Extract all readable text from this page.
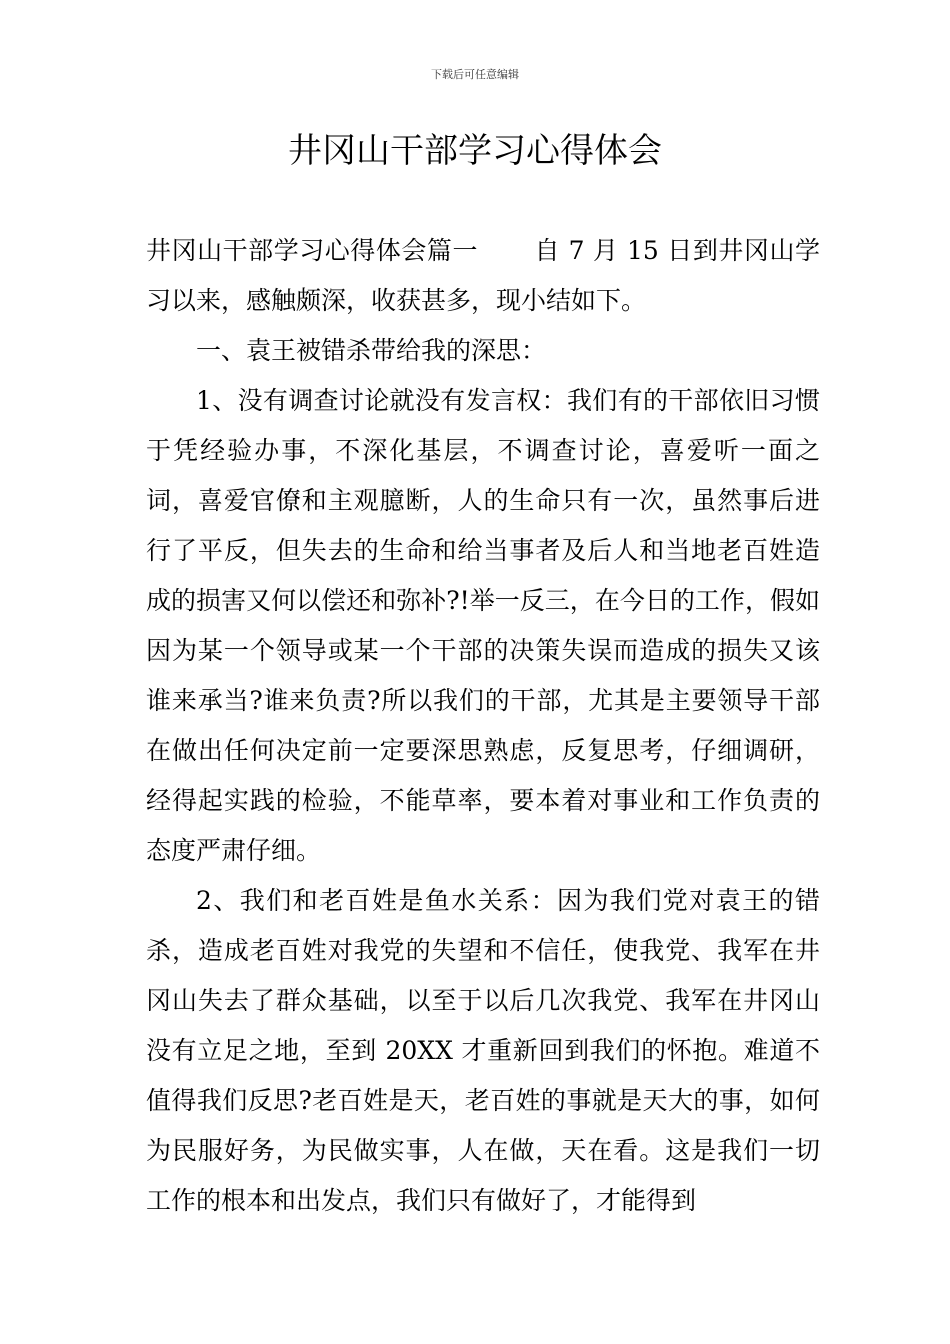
下载后可任意编辑
井冈山干部学习心得体会

井冈山干部学习心得体会篇一 自 7 月 15 日到井冈山学习以来，感触颇深，收获甚多，现小结如下。

一、袁王被错杀带给我的深思：

1、没有调查讨论就没有发言权：我们有的干部依旧习惯于凭经验办事，不深化基层，不调查讨论，喜爱听一面之词，喜爱官僚和主观臆断，人的生命只有一次，虽然事后进行了平反，但失去的生命和给当事者及后人和当地老百姓造成的损害又何以偿还和弥补?!举一反三，在今日的工作，假如因为某一个领导或某一个干部的决策失误而造成的损失又该谁来承当?谁来负责?所以我们的干部，尤其是主要领导干部在做出任何决定前一定要深思熟虑，反复思考，仔细调研，经得起实践的检验，不能草率，要本着对事业和工作负责的态度严肃仔细。

2、我们和老百姓是鱼水关系：因为我们党对袁王的错杀，造成老百姓对我党的失望和不信任，使我党、我军在井冈山失去了群众基础，以至于以后几次我党、我军在井冈山没有立足之地，至到 20XX 才重新回到我们的怀抱。难道不值得我们反思?老百姓是天，老百姓的事就是天大的事，如何为民服好务，为民做实事，人在做，天在看。这是我们一切工作的根本和出发点，我们只有做好了，才能得到
